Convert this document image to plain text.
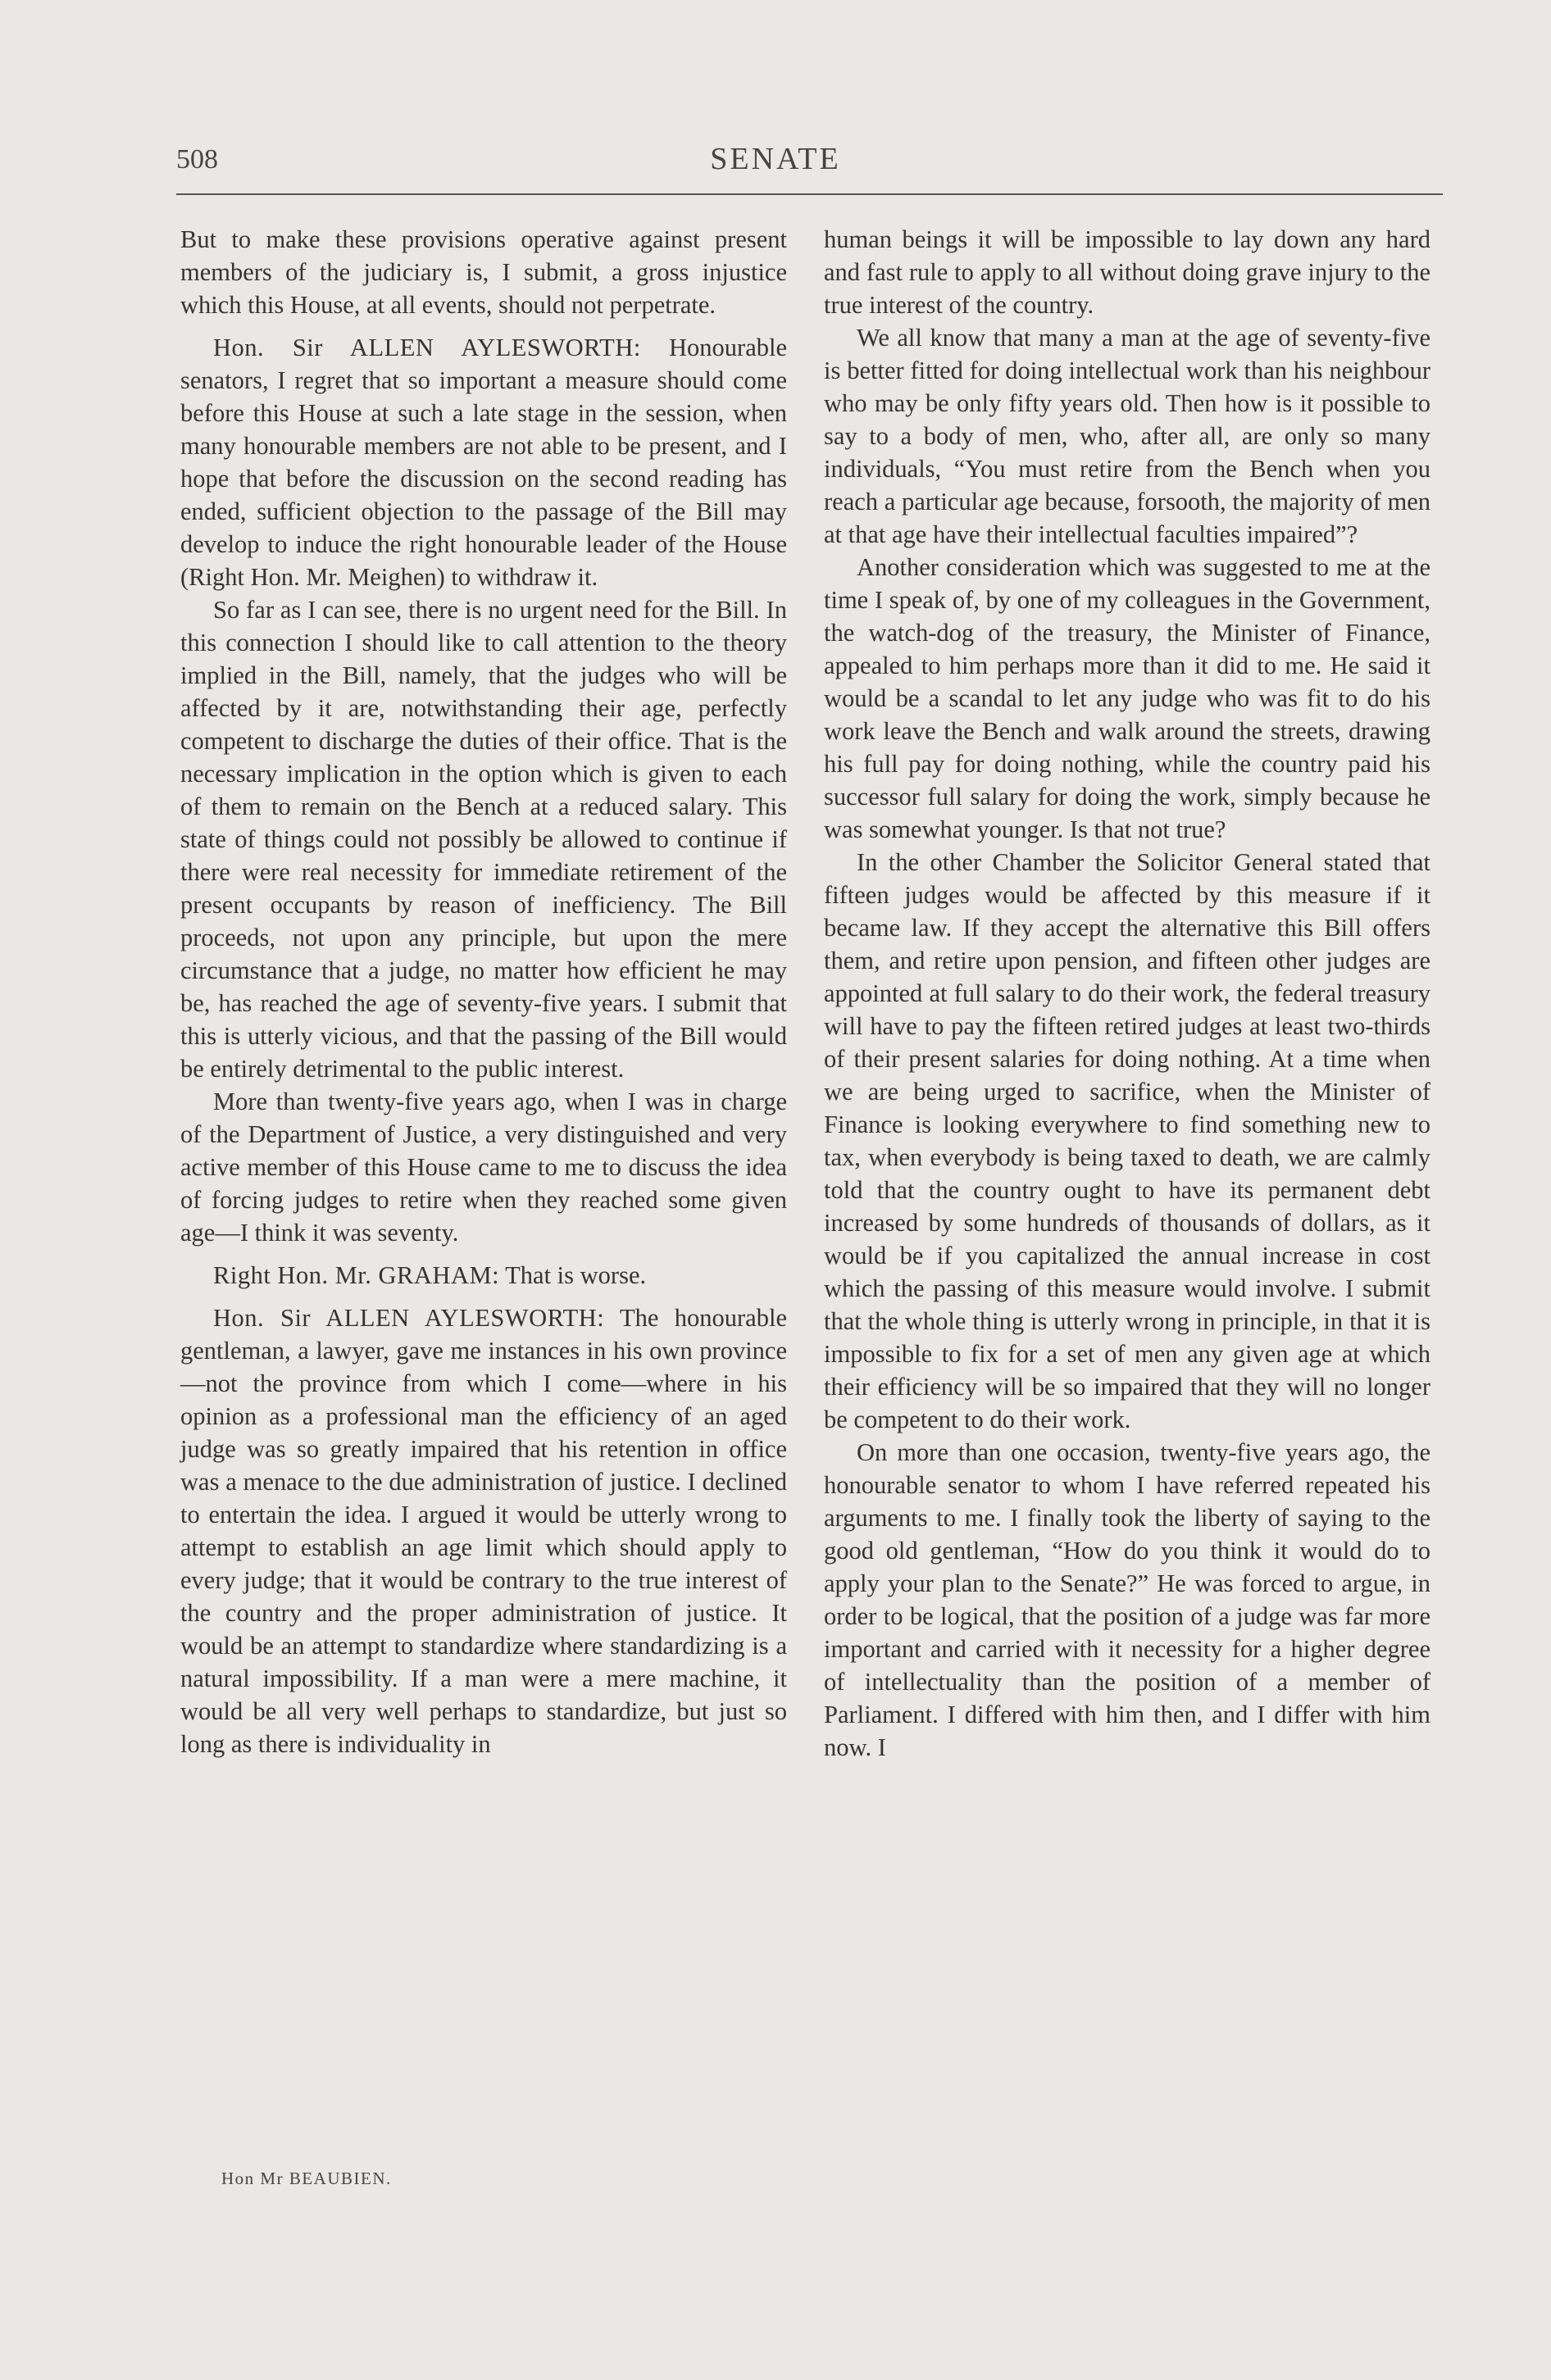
508	SENATE

But to make these provisions operative against present members of the judiciary is, I submit, a gross injustice which this House, at all events, should not perpetrate.

Hon. Sir ALLEN AYLESWORTH: Honourable senators, I regret that so important a measure should come before this House at such a late stage in the session, when many honourable members are not able to be present, and I hope that before the discussion on the second reading has ended, sufficient objection to the passage of the Bill may develop to induce the right honourable leader of the House (Right Hon. Mr. Meighen) to withdraw it.

So far as I can see, there is no urgent need for the Bill. In this connection I should like to call attention to the theory implied in the Bill, namely, that the judges who will be affected by it are, notwithstanding their age, perfectly competent to discharge the duties of their office. That is the necessary implication in the option which is given to each of them to remain on the Bench at a reduced salary. This state of things could not possibly be allowed to continue if there were real necessity for immediate retirement of the present occupants by reason of inefficiency. The Bill proceeds, not upon any principle, but upon the mere circumstance that a judge, no matter how efficient he may be, has reached the age of seventy-five years. I submit that this is utterly vicious, and that the passing of the Bill would be entirely detrimental to the public interest.

More than twenty-five years ago, when I was in charge of the Department of Justice, a very distinguished and very active member of this House came to me to discuss the idea of forcing judges to retire when they reached some given age—I think it was seventy.

Right Hon. Mr. GRAHAM: That is worse.

Hon. Sir ALLEN AYLESWORTH: The honourable gentleman, a lawyer, gave me instances in his own province—not the province from which I come—where in his opinion as a professional man the efficiency of an aged judge was so greatly impaired that his retention in office was a menace to the due administration of justice. I declined to entertain the idea. I argued it would be utterly wrong to attempt to establish an age limit which should apply to every judge; that it would be contrary to the true interest of the country and the proper administration of justice. It would be an attempt to standardize where standardizing is a natural impossibility. If a man were a mere machine, it would be all very well perhaps to standardize, but just so long as there is individuality in

human beings it will be impossible to lay down any hard and fast rule to apply to all without doing grave injury to the true interest of the country.

We all know that many a man at the age of seventy-five is better fitted for doing intellectual work than his neighbour who may be only fifty years old. Then how is it possible to say to a body of men, who, after all, are only so many individuals, “You must retire from the Bench when you reach a particular age because, forsooth, the majority of men at that age have their intellectual faculties impaired”?

Another consideration which was suggested to me at the time I speak of, by one of my colleagues in the Government, the watch-dog of the treasury, the Minister of Finance, appealed to him perhaps more than it did to me. He said it would be a scandal to let any judge who was fit to do his work leave the Bench and walk around the streets, drawing his full pay for doing nothing, while the country paid his successor full salary for doing the work, simply because he was somewhat younger. Is that not true?

In the other Chamber the Solicitor General stated that fifteen judges would be affected by this measure if it became law. If they accept the alternative this Bill offers them, and retire upon pension, and fifteen other judges are appointed at full salary to do their work, the federal treasury will have to pay the fifteen retired judges at least two-thirds of their present salaries for doing nothing. At a time when we are being urged to sacrifice, when the Minister of Finance is looking everywhere to find something new to tax, when everybody is being taxed to death, we are calmly told that the country ought to have its permanent debt increased by some hundreds of thousands of dollars, as it would be if you capitalized the annual increase in cost which the passing of this measure would involve. I submit that the whole thing is utterly wrong in principle, in that it is impossible to fix for a set of men any given age at which their efficiency will be so impaired that they will no longer be competent to do their work.

On more than one occasion, twenty-five years ago, the honourable senator to whom I have referred repeated his arguments to me. I finally took the liberty of saying to the good old gentleman, “How do you think it would do to apply your plan to the Senate?” He was forced to argue, in order to be logical, that the position of a judge was far more important and carried with it necessity for a higher degree of intellectuality than the position of a member of Parliament. I differed with him then, and I differ with him now. I

Hon Mr BEAUBIEN.
